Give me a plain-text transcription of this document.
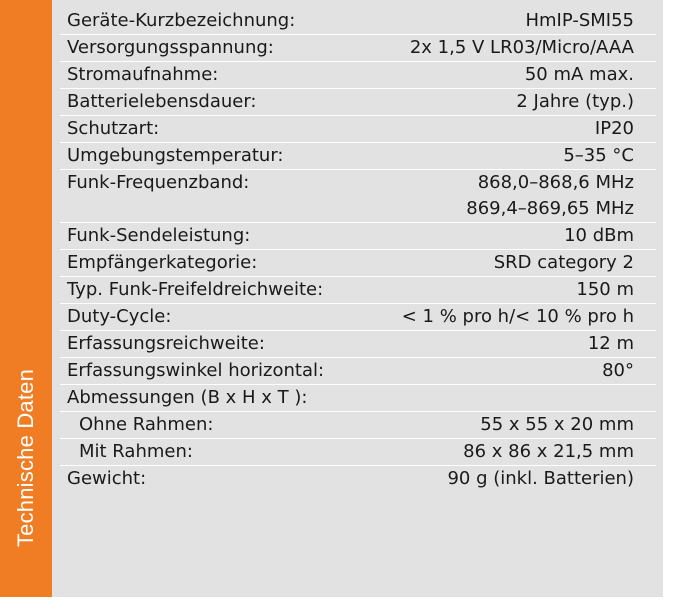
Technische Daten
Geräte-Kurzbezeichnung:	HmIP-SMI55
Versorgungsspannung:	2x 1,5 V LR03/Micro/AAA
Stromaufnahme:	50 mA max.
Batterielebensdauer:	2 Jahre (typ.)
Schutzart:	IP20
Umgebungstemperatur:	5–35 °C
Funk-Frequenzband:	868,0–868,6 MHz
869,4–869,65 MHz
Funk-Sendeleistung:	10 dBm
Empfängerkategorie:	SRD category 2
Typ. Funk-Freifeldreichweite:	150 m
Duty-Cycle:	< 1 % pro h/< 10 % pro h
Erfassungsreichweite:	12 m
Erfassungswinkel horizontal:	80°
Abmessungen (B x H x T ):
Ohne Rahmen:	55 x 55 x 20 mm
Mit Rahmen:	86 x 86 x 21,5 mm
Gewicht:	90 g (inkl. Batterien)
